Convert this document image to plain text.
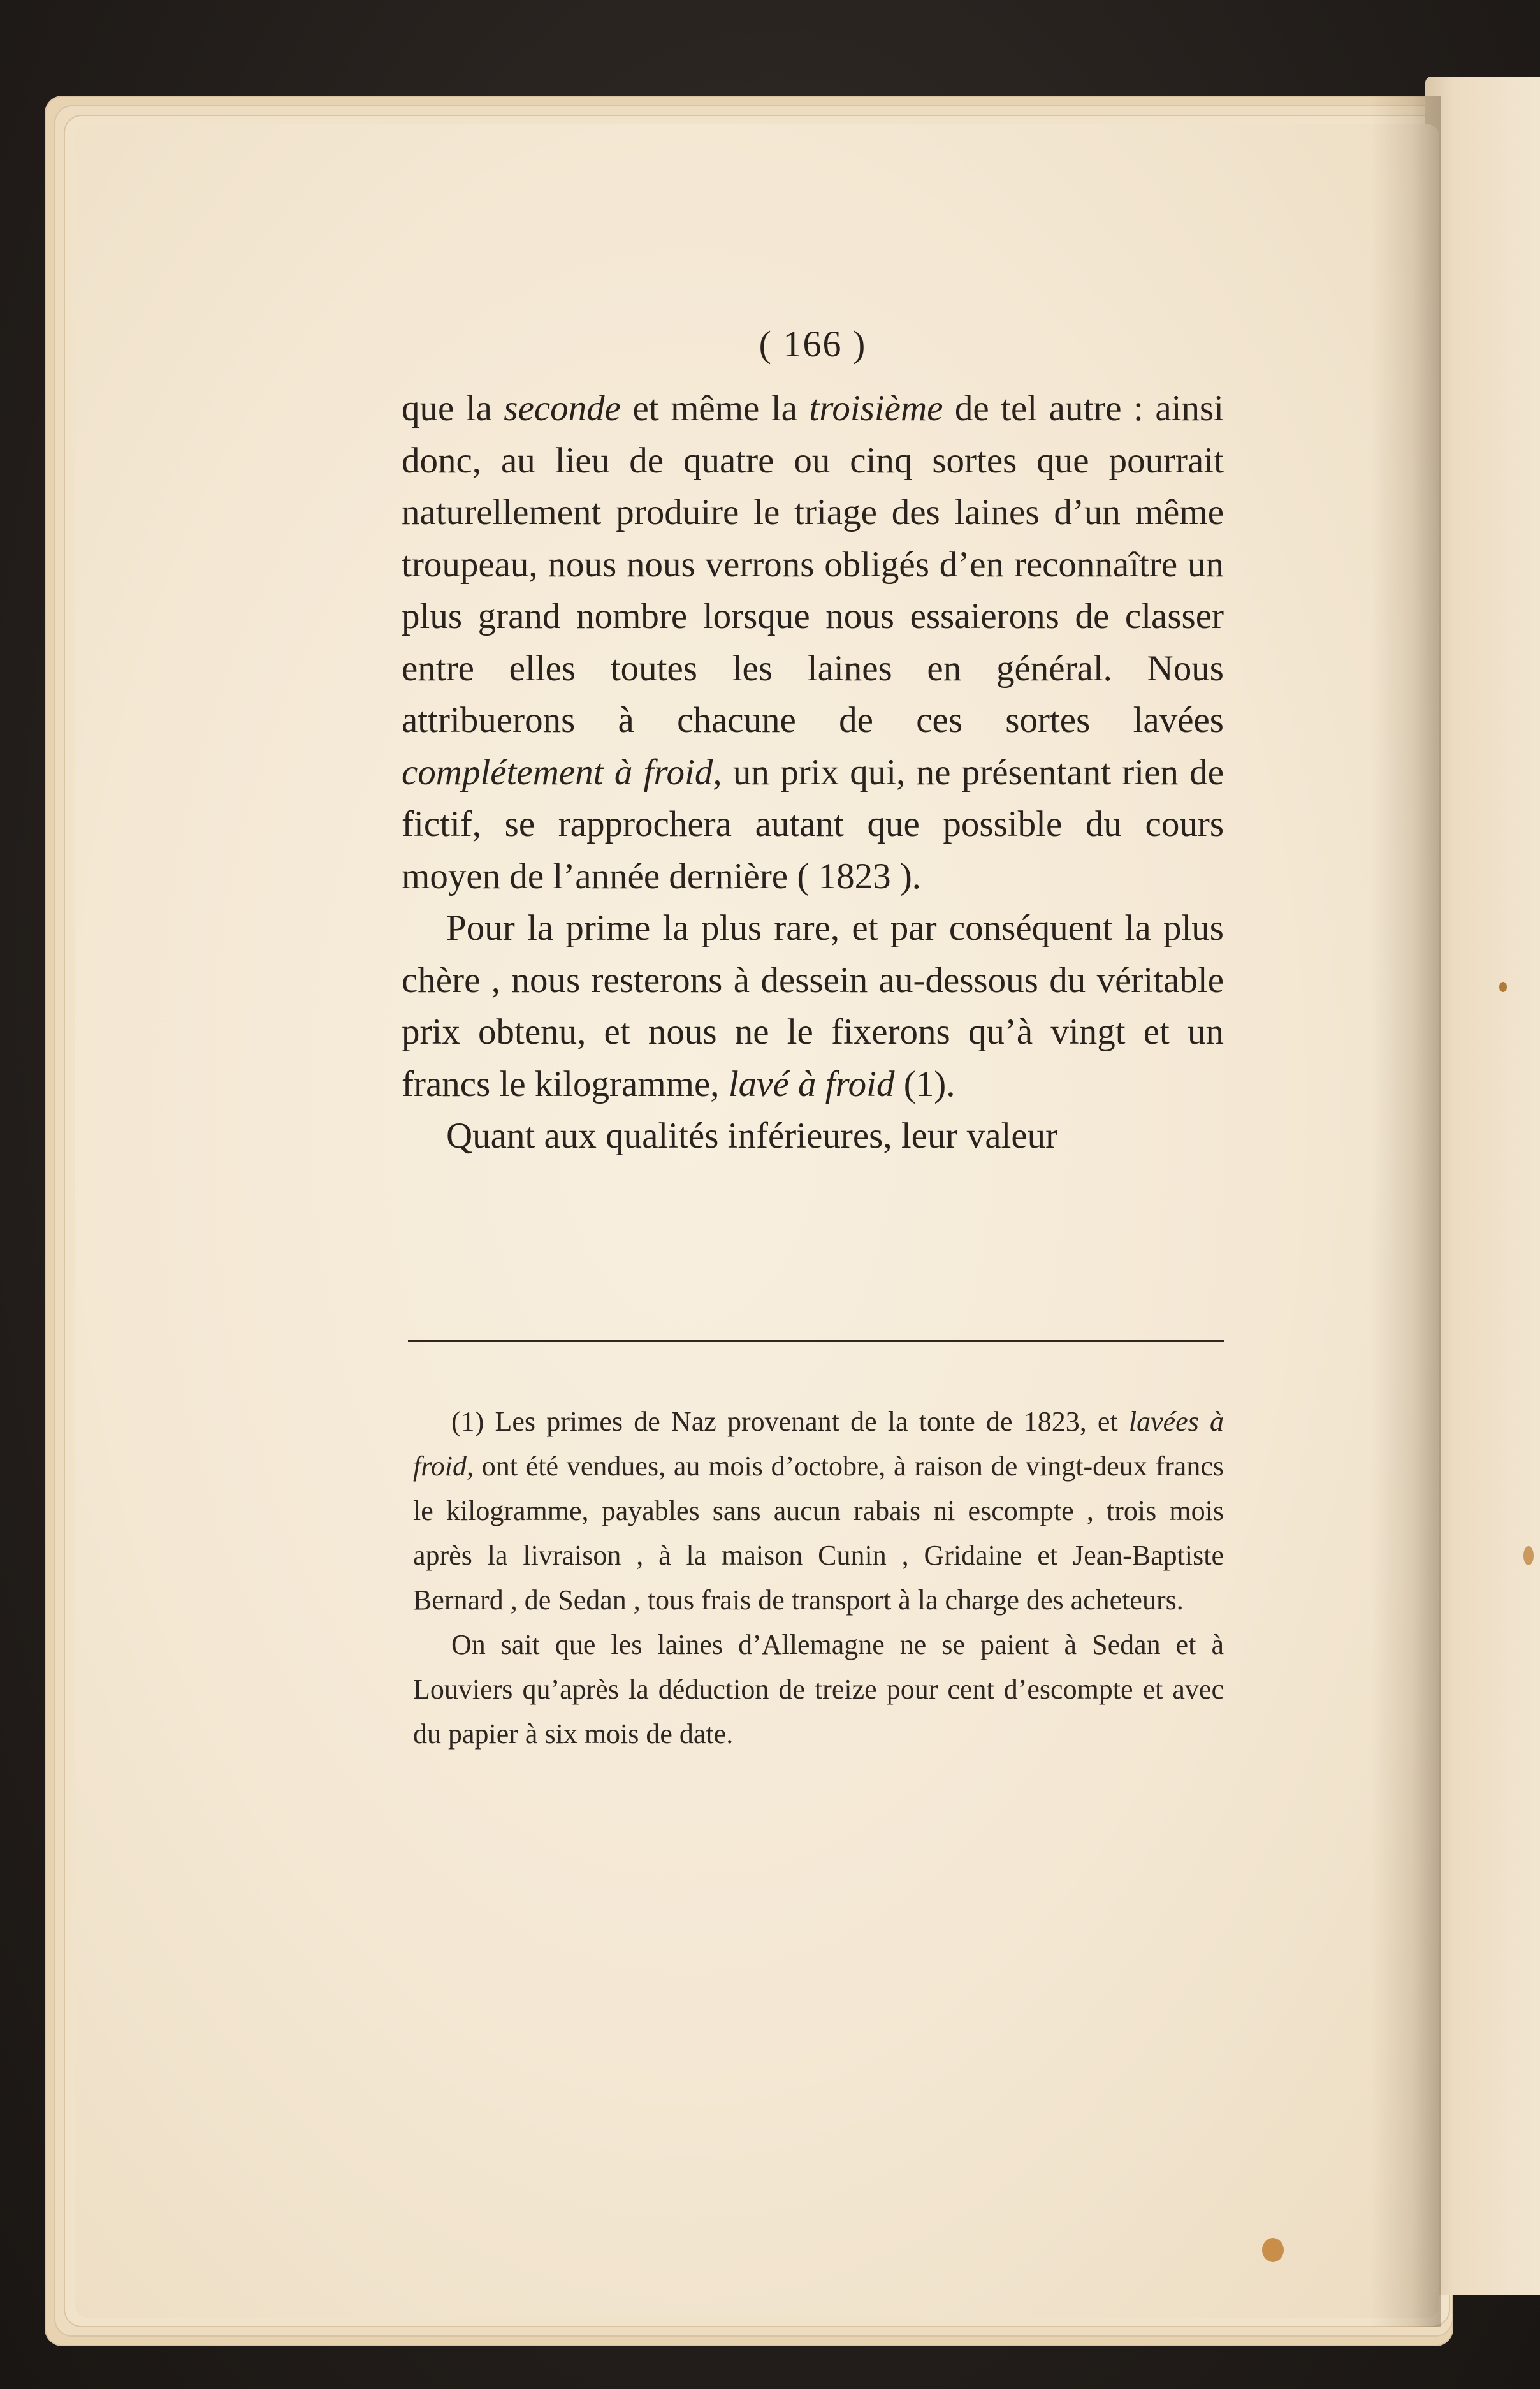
( 166 )

que la seconde et même la troisième de tel autre : ainsi donc, au lieu de quatre ou cinq sortes que pourrait naturellement produire le triage des laines d’un même troupeau, nous nous verrons obligés d’en reconnaître un plus grand nombre lorsque nous essaierons de classer entre elles toutes les laines en général. Nous attribuerons à chacune de ces sortes lavées complétement à froid, un prix qui, ne présentant rien de fictif, se rapprochera autant que possible du cours moyen de l’année dernière ( 1823 ).

Pour la prime la plus rare, et par conséquent la plus chère , nous resterons à dessein au-dessous du véritable prix obtenu, et nous ne le fixerons qu’à vingt et un francs le kilogramme, lavé à froid (1).

Quant aux qualités inférieures, leur valeur

(1) Les primes de Naz provenant de la tonte de 1823, et lavées à froid, ont été vendues, au mois d’octobre, à raison de vingt-deux francs le kilogramme, payables sans aucun rabais ni escompte , trois mois après la livraison , à la maison Cunin , Gridaine et Jean-Baptiste Bernard , de Sedan , tous frais de transport à la charge des acheteurs.

On sait que les laines d’Allemagne ne se paient à Sedan et à Louviers qu’après la déduction de treize pour cent d’escompte et avec du papier à six mois de date.
